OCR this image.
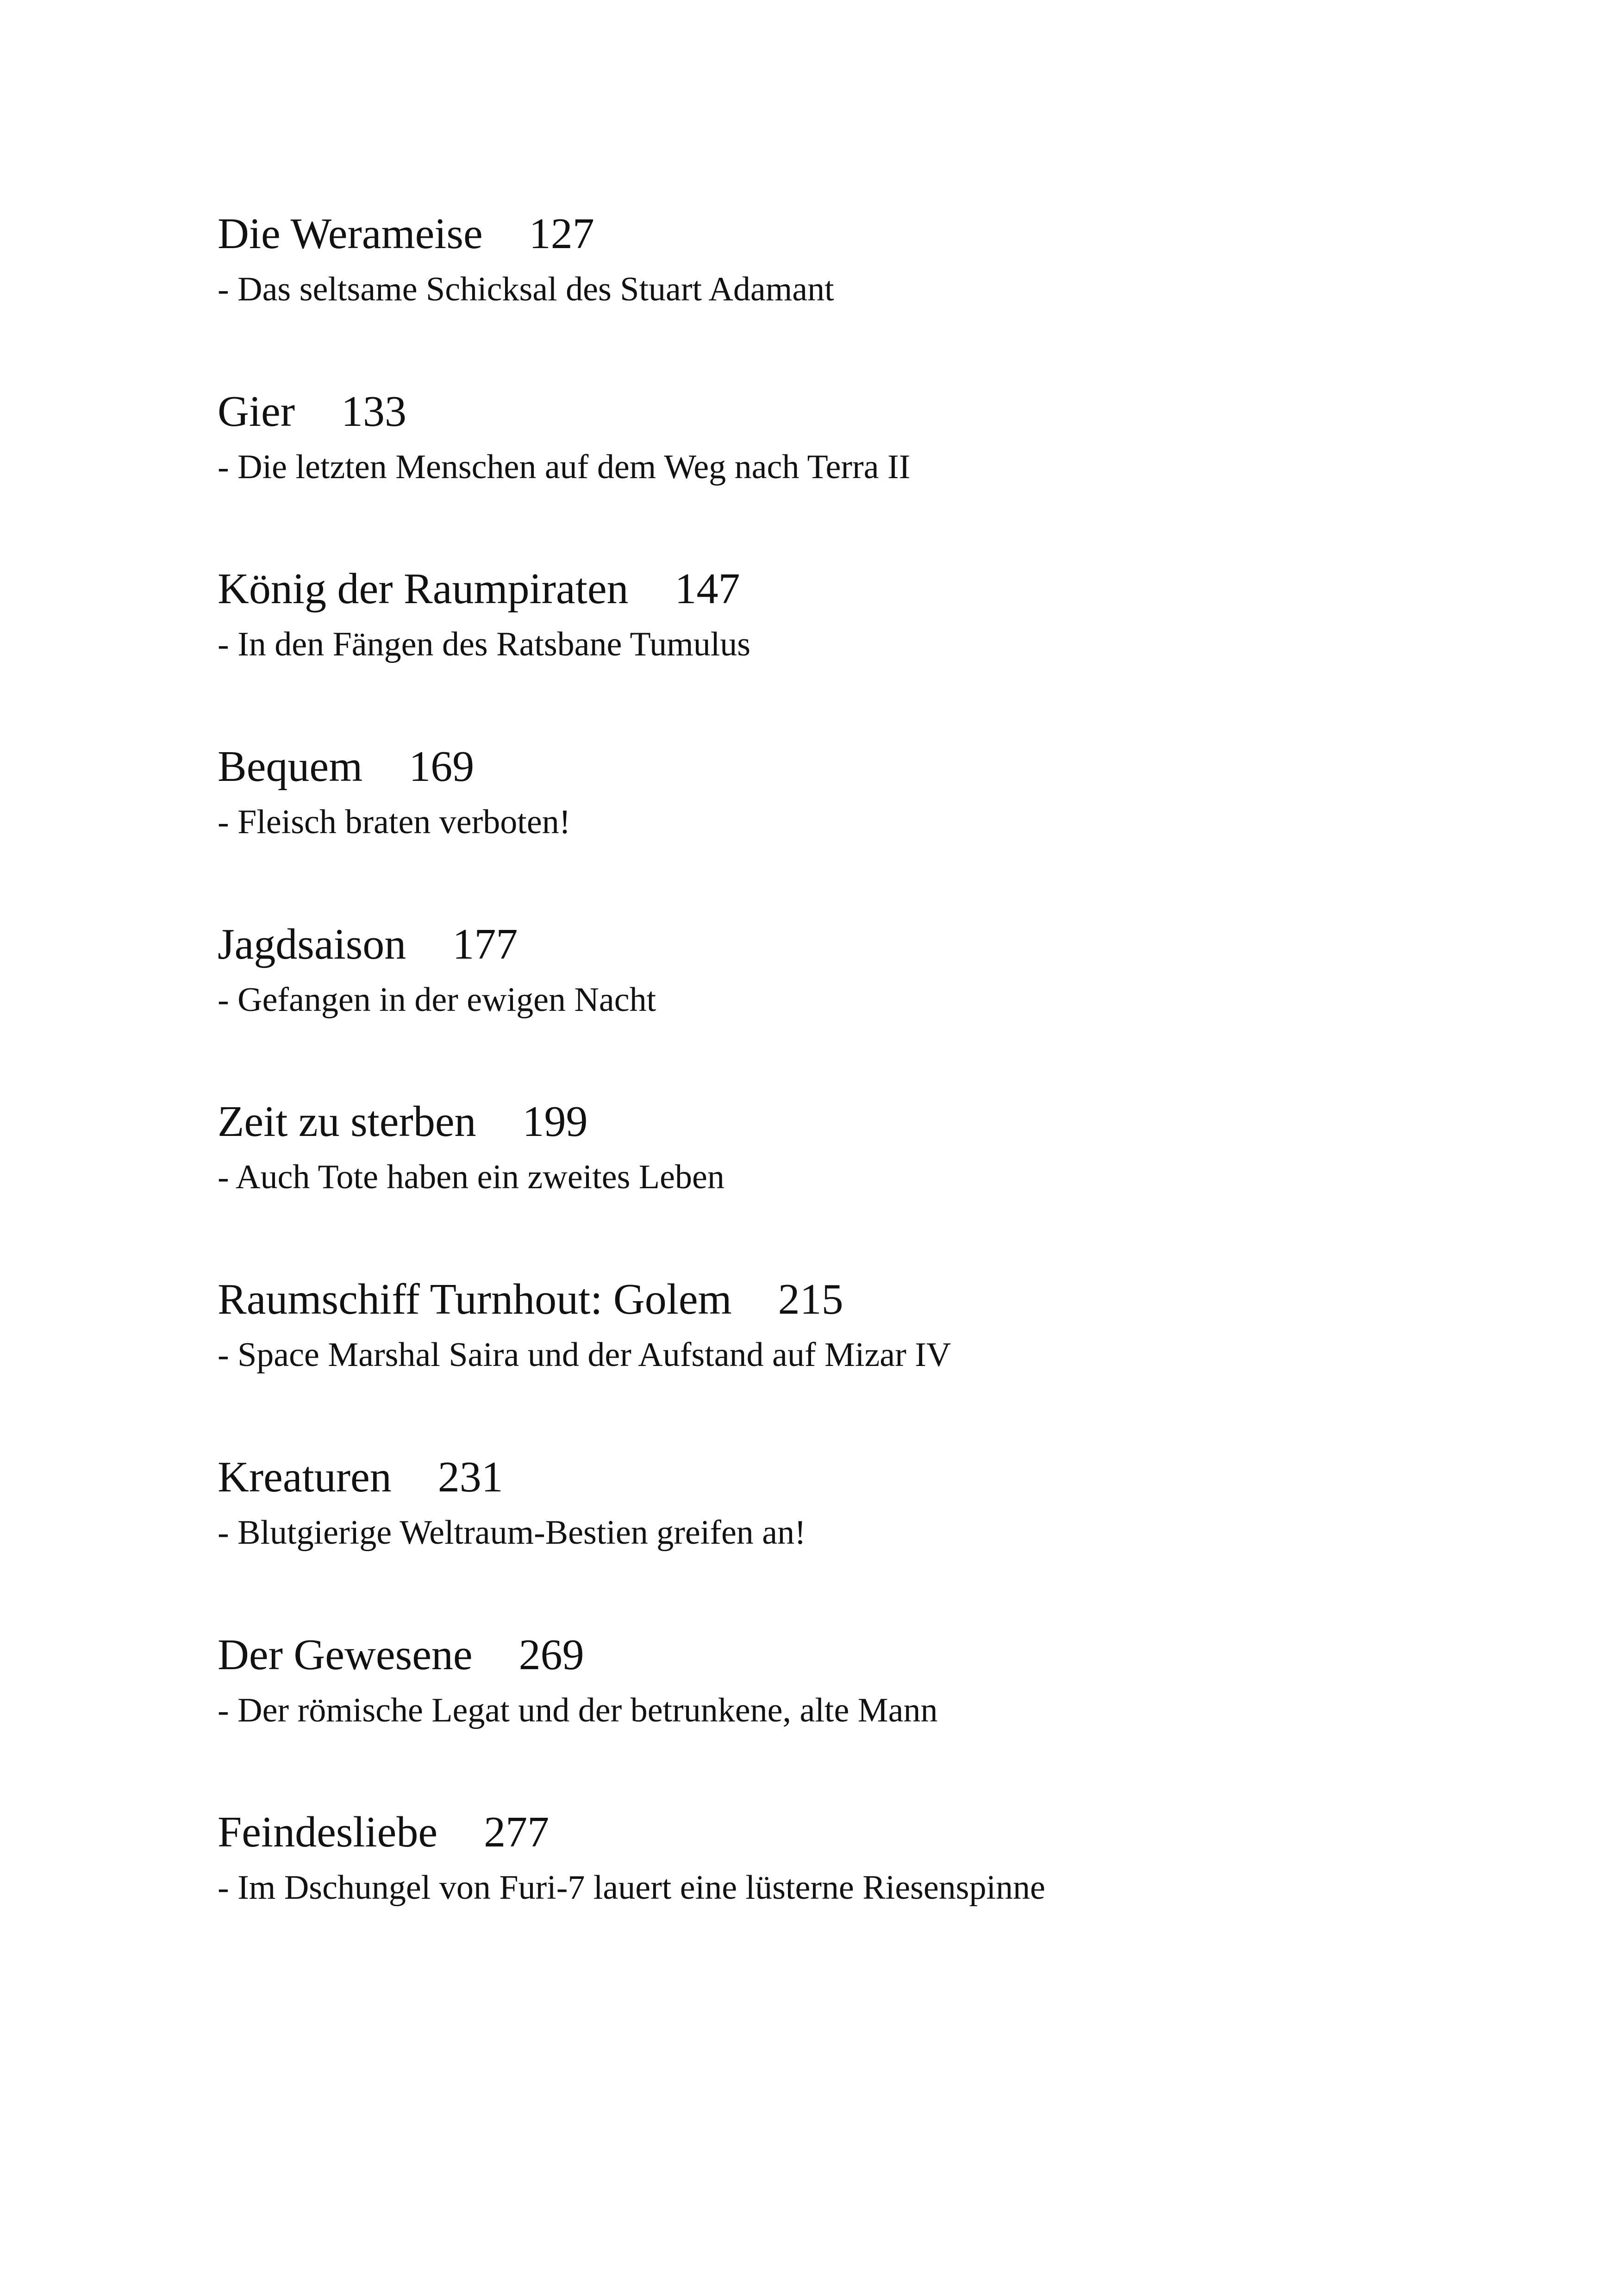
Die Werameise 127
- Das seltsame Schicksal des Stuart Adamant
Gier 133
- Die letzten Menschen auf dem Weg nach Terra II
König der Raumpiraten 147
- In den Fängen des Ratsbane Tumulus
Bequem 169
- Fleisch braten verboten!
Jagdsaison 177
- Gefangen in der ewigen Nacht
Zeit zu sterben 199
- Auch Tote haben ein zweites Leben
Raumschiff Turnhout: Golem 215
- Space Marshal Saira und der Aufstand auf Mizar IV
Kreaturen 231
- Blutgierige Weltraum-Bestien greifen an!
Der Gewesene 269
- Der römische Legat und der betrunkene, alte Mann
Feindesliebe 277
- Im Dschungel von Furi-7 lauert eine lüsterne Riesenspinne
